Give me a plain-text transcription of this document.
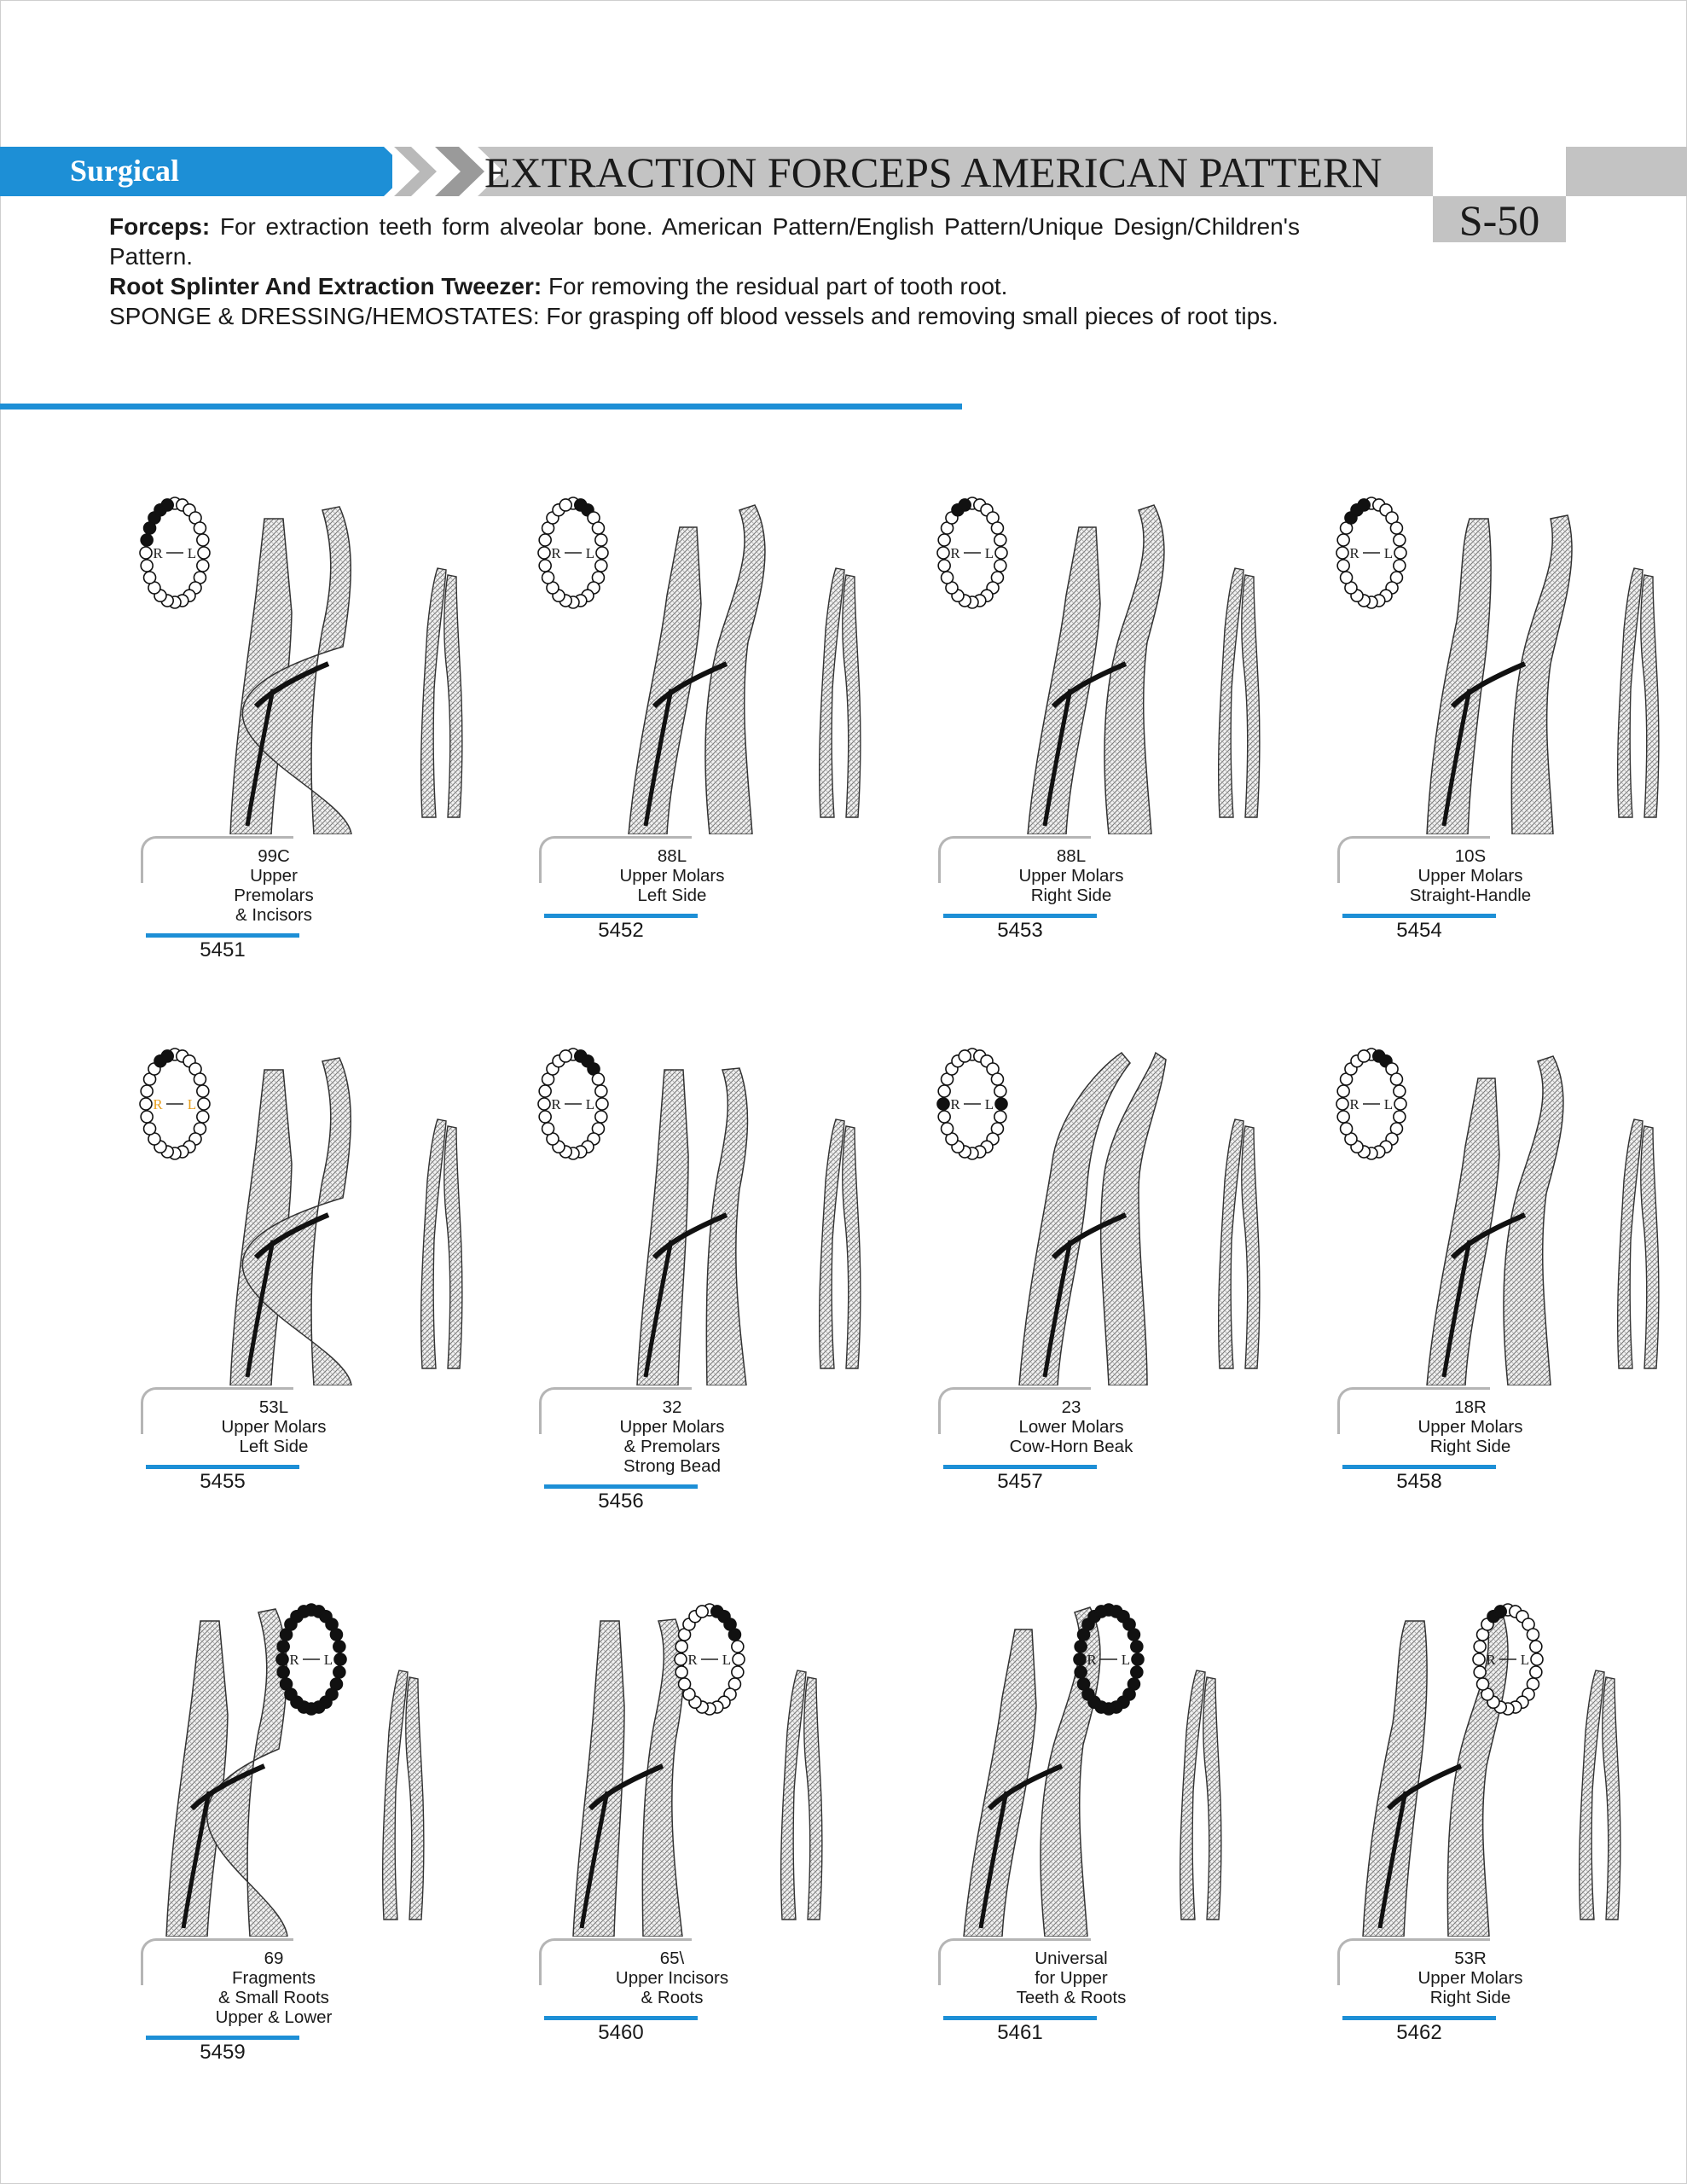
Surgical	EXTRACTION FORCEPS AMERICAN PATTERN
S-50

Forceps: For extraction teeth form alveolar bone. American Pattern/English Pattern/Unique Design/Children's Pattern.

Root Splinter And Extraction Tweezer: For removing the residual part of tooth root.

SPONGE & DRESSING/HEMOSTATES: For grasping off blood vessels and removing small pieces of root tips.

R L
99C
Upper
Premolars
& Incisors
5451
R L
88L
Upper Molars
Left Side
5452
R L
88L
Upper Molars
Right Side
5453
R L
10S
Upper Molars
Straight-Handle
5454
R L
53L
Upper Molars
Left Side
5455
R L
32
Upper Molars
& Premolars
Strong Bead
5456
R L
23
Lower Molars
Cow-Horn Beak
5457
R L
18R
Upper Molars
Right Side
5458
R L
69
Fragments
& Small Roots
Upper & Lower
5459
R L
65\
Upper Incisors
& Roots
5460
R L
Universal
for Upper
Teeth & Roots
5461
R L
53R
Upper Molars
Right Side
5462
